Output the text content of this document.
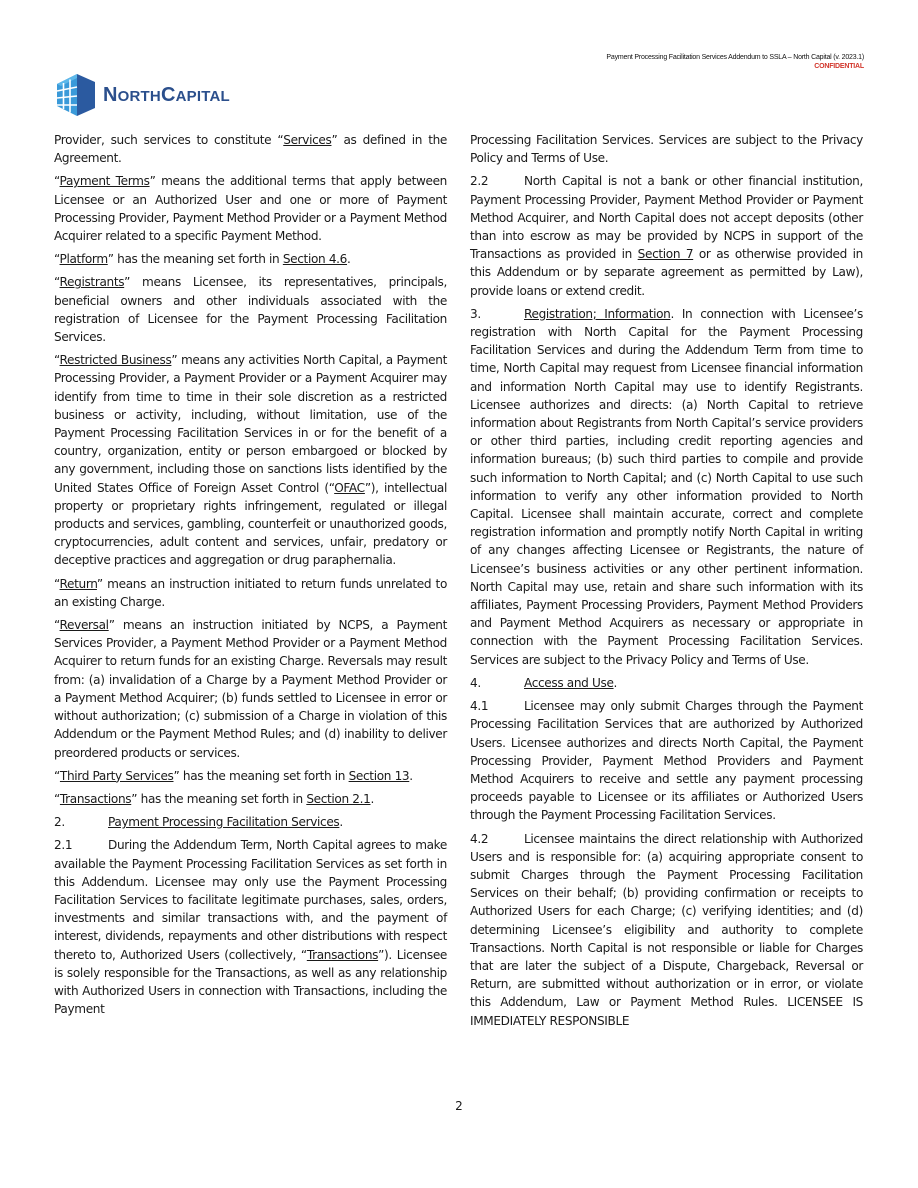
Payment Processing Facilitation Services Addendum to SSLA – North Capital (v. 2023.1)
CONFIDENTIAL
NORTHCAPITAL

Provider, such services to constitute “Services” as defined in the Agreement.

“Payment Terms” means the additional terms that apply between Licensee or an Authorized User and one or more of Payment Processing Provider, Payment Method Provider or a Payment Method Acquirer related to a specific Payment Method.

“Platform” has the meaning set forth in Section 4.6.

“Registrants” means Licensee, its representatives, principals, beneficial owners and other individuals associated with the registration of Licensee for the Payment Processing Facilitation Services.

“Restricted Business” means any activities North Capital, a Payment Processing Provider, a Payment Provider or a Payment Acquirer may identify from time to time in their sole discretion as a restricted business or activity, including, without limitation, use of the Payment Processing Facilitation Services in or for the benefit of a country, organization, entity or person embargoed or blocked by any government, including those on sanctions lists identified by the United States Office of Foreign Asset Control (“OFAC”), intellectual property or proprietary rights infringement, regulated or illegal products and services, gambling, counterfeit or unauthorized goods, cryptocurrencies, adult content and services, unfair, predatory or deceptive practices and aggregation or drug paraphernalia.

“Return” means an instruction initiated to return funds unrelated to an existing Charge.

“Reversal” means an instruction initiated by NCPS, a Payment Services Provider, a Payment Method Provider or a Payment Method Acquirer to return funds for an existing Charge. Reversals may result from: (a) invalidation of a Charge by a Payment Method Provider or a Payment Method Acquirer; (b) funds settled to Licensee in error or without authorization; (c) submission of a Charge in violation of this Addendum or the Payment Method Rules; and (d) inability to deliver preordered products or services.

“Third Party Services” has the meaning set forth in Section 13.

“Transactions” has the meaning set forth in Section 2.1.

2.	Payment Processing Facilitation Services.

2.1	During the Addendum Term, North Capital agrees to make available the Payment Processing Facilitation Services as set forth in this Addendum. Licensee may only use the Payment Processing Facilitation Services to facilitate legitimate purchases, sales, orders, investments and similar transactions with, and the payment of interest, dividends, repayments and other distributions with respect thereto to, Authorized Users (collectively, “Transactions”). Licensee is solely responsible for the Transactions, as well as any relationship with Authorized Users in connection with Transactions, including the Payment

Processing Facilitation Services. Services are subject to the Privacy Policy and Terms of Use.

2.2	North Capital is not a bank or other financial institution, Payment Processing Provider, Payment Method Provider or Payment Method Acquirer, and North Capital does not accept deposits (other than into escrow as may be provided by NCPS in support of the Transactions as provided in Section 7 or as otherwise provided in this Addendum or by separate agreement as permitted by Law), provide loans or extend credit.

3.	Registration; Information. In connection with Licensee’s registration with North Capital for the Payment Processing Facilitation Services and during the Addendum Term from time to time, North Capital may request from Licensee financial information and information North Capital may use to identify Registrants. Licensee authorizes and directs: (a) North Capital to retrieve information about Registrants from North Capital’s service providers or other third parties, including credit reporting agencies and information bureaus; (b) such third parties to compile and provide such information to North Capital; and (c) North Capital to use such information to verify any other information provided to North Capital. Licensee shall maintain accurate, correct and complete registration information and promptly notify North Capital in writing of any changes affecting Licensee or Registrants, the nature of Licensee’s business activities or any other pertinent information. North Capital may use, retain and share such information with its affiliates, Payment Processing Providers, Payment Method Providers and Payment Method Acquirers as necessary or appropriate in connection with the Payment Processing Facilitation Services. Services are subject to the Privacy Policy and Terms of Use.

4.	Access and Use.

4.1	Licensee may only submit Charges through the Payment Processing Facilitation Services that are authorized by Authorized Users. Licensee authorizes and directs North Capital, the Payment Processing Provider, Payment Method Providers and Payment Method Acquirers to receive and settle any payment processing proceeds payable to Licensee or its affiliates or Authorized Users through the Payment Processing Facilitation Services.

4.2	Licensee maintains the direct relationship with Authorized Users and is responsible for: (a) acquiring appropriate consent to submit Charges through the Payment Processing Facilitation Services on their behalf; (b) providing confirmation or receipts to Authorized Users for each Charge; (c) verifying identities; and (d) determining Licensee’s eligibility and authority to complete Transactions. North Capital is not responsible or liable for Charges that are later the subject of a Dispute, Chargeback, Reversal or Return, are submitted without authorization or in error, or violate this Addendum, Law or Payment Method Rules. LICENSEE IS IMMEDIATELY RESPONSIBLE

2
